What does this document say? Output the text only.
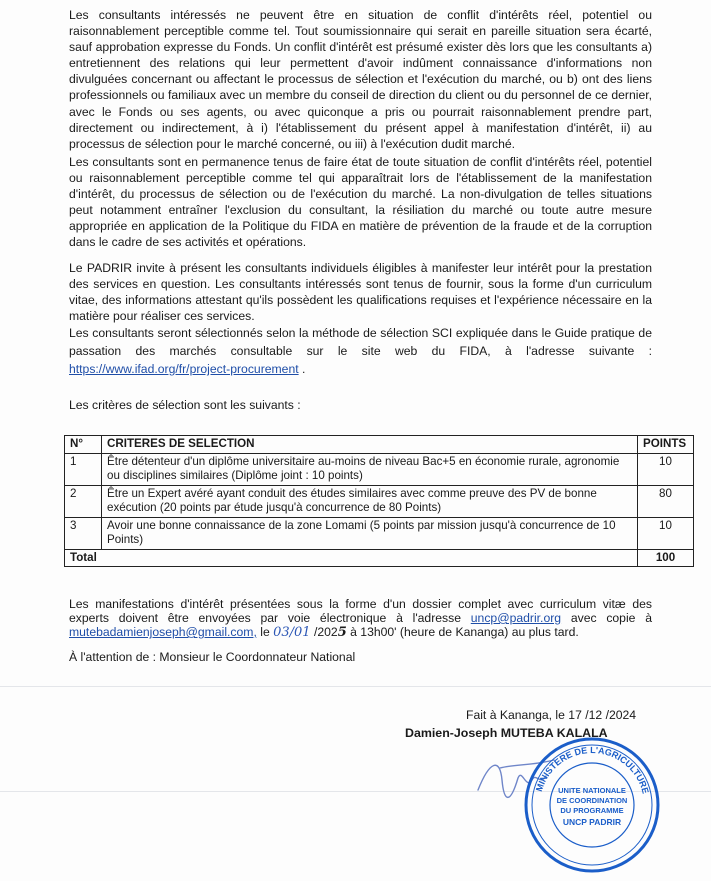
Les consultants intéressés ne peuvent être en situation de conflit d'intérêts réel, potentiel ou raisonnablement perceptible comme tel. Tout soumissionnaire qui serait en pareille situation sera écarté, sauf approbation expresse du Fonds. Un conflit d'intérêt est présumé exister dès lors que les consultants a) entretiennent des relations qui leur permettent d'avoir indûment connaissance d'informations non divulguées concernant ou affectant le processus de sélection et l'exécution du marché, ou b) ont des liens professionnels ou familiaux avec un membre du conseil de direction du client ou du personnel de ce dernier, avec le Fonds ou ses agents, ou avec quiconque a pris ou pourrait raisonnablement prendre part, directement ou indirectement, à i) l'établissement du présent appel à manifestation d'intérêt, ii) au processus de sélection pour le marché concerné, ou iii) à l'exécution dudit marché.

Les consultants sont en permanence tenus de faire état de toute situation de conflit d'intérêts réel, potentiel ou raisonnablement perceptible comme tel qui apparaîtrait lors de l'établissement de la manifestation d'intérêt, du processus de sélection ou de l'exécution du marché. La non-divulgation de telles situations peut notamment entraîner l'exclusion du consultant, la résiliation du marché ou toute autre mesure appropriée en application de la Politique du FIDA en matière de prévention de la fraude et de la corruption dans le cadre de ses activités et opérations.

Le PADRIR invite à présent les consultants individuels éligibles à manifester leur intérêt pour la prestation des services en question. Les consultants intéressés sont tenus de fournir, sous la forme d'un curriculum vitae, des informations attestant qu'ils possèdent les qualifications requises et l'expérience nécessaire en la matière pour réaliser ces services.

Les consultants seront sélectionnés selon la méthode de sélection SCI expliquée dans le Guide pratique de passation des marchés consultable sur le site web du FIDA, à l'adresse suivante : https://www.ifad.org/fr/project-procurement .

Les critères de sélection sont les suivants :
N°	CRITERES DE SELECTION	POINTS
1	Être détenteur d'un diplôme universitaire au-moins de niveau Bac+5 en économie rurale, agronomie ou disciplines similaires (Diplôme joint : 10 points)	10
2	Être un Expert avéré ayant conduit des études similaires avec comme preuve des PV de bonne exécution (20 points par étude jusqu'à concurrence de 80 Points)	80
3	Avoir une bonne connaissance de la zone Lomami (5 points par mission jusqu'à concurrence de 10 Points)	10
Total		100

Les manifestations d'intérêt présentées sous la forme d'un dossier complet avec curriculum vitæ des experts doivent être envoyées par voie électronique à l'adresse uncp@padrir.org avec copie à mutebadamienjoseph@gmail.com, le 03/01 /2025 à 13h00' (heure de Kananga) au plus tard.

À l'attention de : Monsieur le Coordonnateur National
Fait à Kananga, le 17 /12 /2024
Damien-Joseph MUTEBA KALALA
MINISTERE DE L'AGRICULTURE
UNITE NATIONALE
DE COORDINATION
DU PROGRAMME
UNCP PADRIR
